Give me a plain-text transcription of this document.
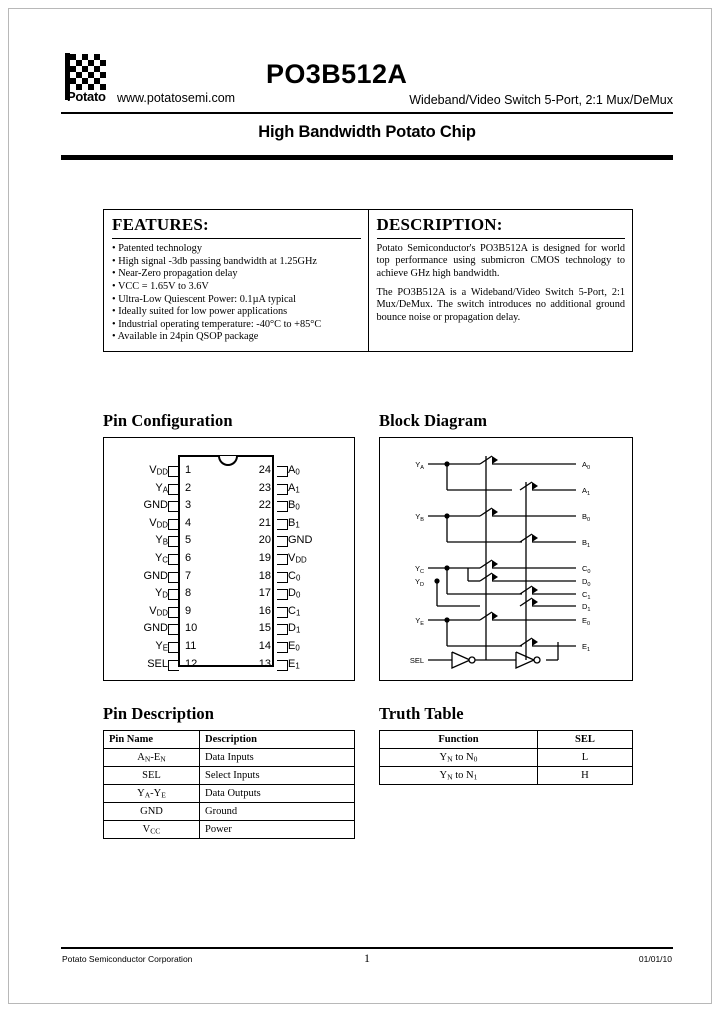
Potato www.potatosemi.com
PO3B512A
Wideband/Video Switch 5-Port, 2:1 Mux/DeMux
High Bandwidth Potato Chip
FEATURES:
• Patented technology
• High signal -3db passing bandwidth at 1.25GHz
• Near-Zero propagation delay
• VCC = 1.65V to 3.6V
• Ultra-Low Quiescent Power: 0.1µA typical
• Ideally suited for low power applications
• Industrial operating temperature: -40°C to +85°C
• Available in 24pin QSOP package
DESCRIPTION:

Potato Semiconductor's PO3B512A is designed for world top performance using submicron CMOS technology to achieve GHz high bandwidth.

The PO3B512A is a Wideband/Video Switch 5-Port, 2:1 Mux/DeMux. The switch introduces no additional ground bounce noise or propagation delay.

Pin Configuration
$V_{DD}$ 1	24 $A_0$
$Y_A$ 2	23 $A_1$
GND 3	22 $B_0$
$V_{DD}$ 4	21 $B_1$
$Y_B$ 5	20 GND
$Y_C$ 6	19 $V_{DD}$
GND 7	18 $C_0$
$Y_D$ 8	17 $D_0$
$V_{DD}$ 9	16 $C_1$
GND 10	15 $D_1$
$Y_E$ 11	14 $E_0$
SEL 12	13 $E_1$
Block Diagram
$Y_A$
$Y_B$
$Y_C$
$Y_D$
$Y_E$
SEL
$A_0$
$A_1$
$B_0$
$B_1$
$C_0$
$D_0$
$C_1$
$D_1$
$E_0$
$E_1$
Pin Description
Pin Name	Description
$A_N-E_N$	Data Inputs
SEL	Select Inputs
$Y_A-Y_E$	Data Outputs
GND	Ground
$V_{CC}$	Power
Truth Table
Function	SEL
$Y_N$ to $N_0$	L
$Y_N$ to $N_1$	H
Potato Semiconductor Corporation	1	01/01/10
